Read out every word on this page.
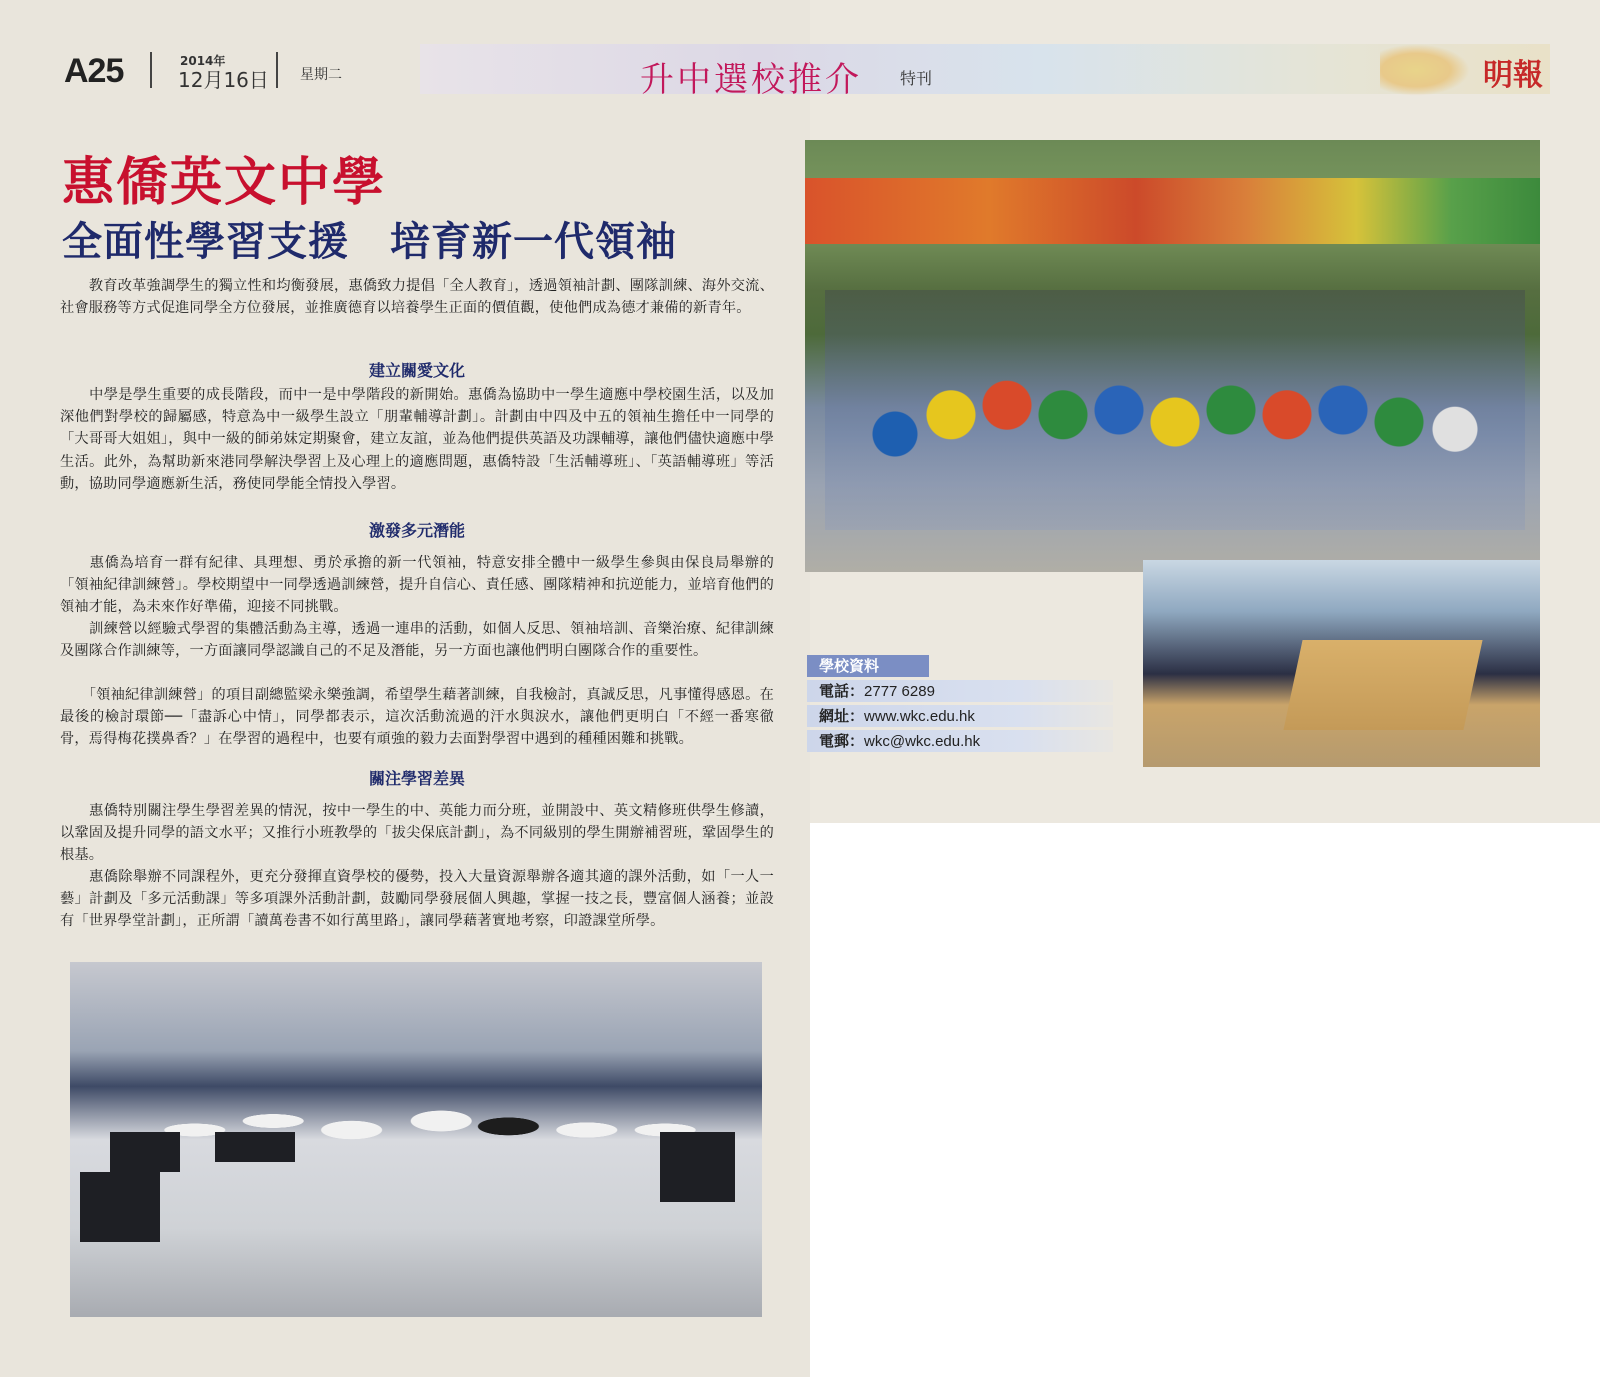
A25	2014年
12月16日 星期二	升中選校推介 特刊	明報
惠僑英文中學
全面性學習支援　培育新一代領袖

　　教育改革強調學生的獨立性和均衡發展，惠僑致力提倡「全人教育」，透過領袖計劃、團隊訓練、海外交流、社會服務等方式促進同學全方位發展，並推廣德育以培養學生正面的價值觀，使他們成為德才兼備的新青年。

建立關愛文化

　　中學是學生重要的成長階段，而中一是中學階段的新開始。惠僑為協助中一學生適應中學校園生活，以及加深他們對學校的歸屬感，特意為中一級學生設立「朋輩輔導計劃」。計劃由中四及中五的領袖生擔任中一同學的「大哥哥大姐姐」，與中一級的師弟妹定期聚會，建立友誼，並為他們提供英語及功課輔導，讓他們儘快適應中學生活。此外，為幫助新來港同學解決學習上及心理上的適應問題，惠僑特設「生活輔導班」、「英語輔導班」等活動，協助同學適應新生活，務使同學能全情投入學習。

激發多元潛能

　　惠僑為培育一群有紀律、具理想、勇於承擔的新一代領袖，特意安排全體中一級學生參與由保良局舉辦的「領袖紀律訓練營」。學校期望中一同學透過訓練營，提升自信心、責任感、團隊精神和抗逆能力，並培育他們的領袖才能，為未來作好準備，迎接不同挑戰。

　　訓練營以經驗式學習的集體活動為主導，透過一連串的活動，如個人反思、領袖培訓、音樂治療、紀律訓練及團隊合作訓練等，一方面讓同學認識自己的不足及潛能，另一方面也讓他們明白團隊合作的重要性。

　　「領袖紀律訓練營」的項目副總監梁永樂強調，希望學生藉著訓練，自我檢討，真誠反思，凡事懂得感恩。在最後的檢討環節──「盡訴心中情」，同學都表示，這次活動流過的汗水與淚水，讓他們更明白「不經一番寒徹骨，焉得梅花撲鼻香？」在學習的過程中，也要有頑強的毅力去面對學習中遇到的種種困難和挑戰。

關注學習差異

　　惠僑特別關注學生學習差異的情況，按中一學生的中、英能力而分班，並開設中、英文精修班供學生修讀，以鞏固及提升同學的語文水平；又推行小班教學的「拔尖保底計劃」，為不同級別的學生開辦補習班，鞏固學生的根基。

　　惠僑除舉辦不同課程外，更充分發揮直資學校的優勢，投入大量資源舉辦各適其適的課外活動，如「一人一藝」計劃及「多元活動課」等多項課外活動計劃，鼓勵同學發展個人興趣，掌握一技之長，豐富個人涵養；並設有「世界學堂計劃」，正所謂「讀萬卷書不如行萬里路」，讓同學藉著實地考察，印證課堂所學。

學校資料
電話：2777 6289
網址：www.wkc.edu.hk
電郵：wkc@wkc.edu.hk
